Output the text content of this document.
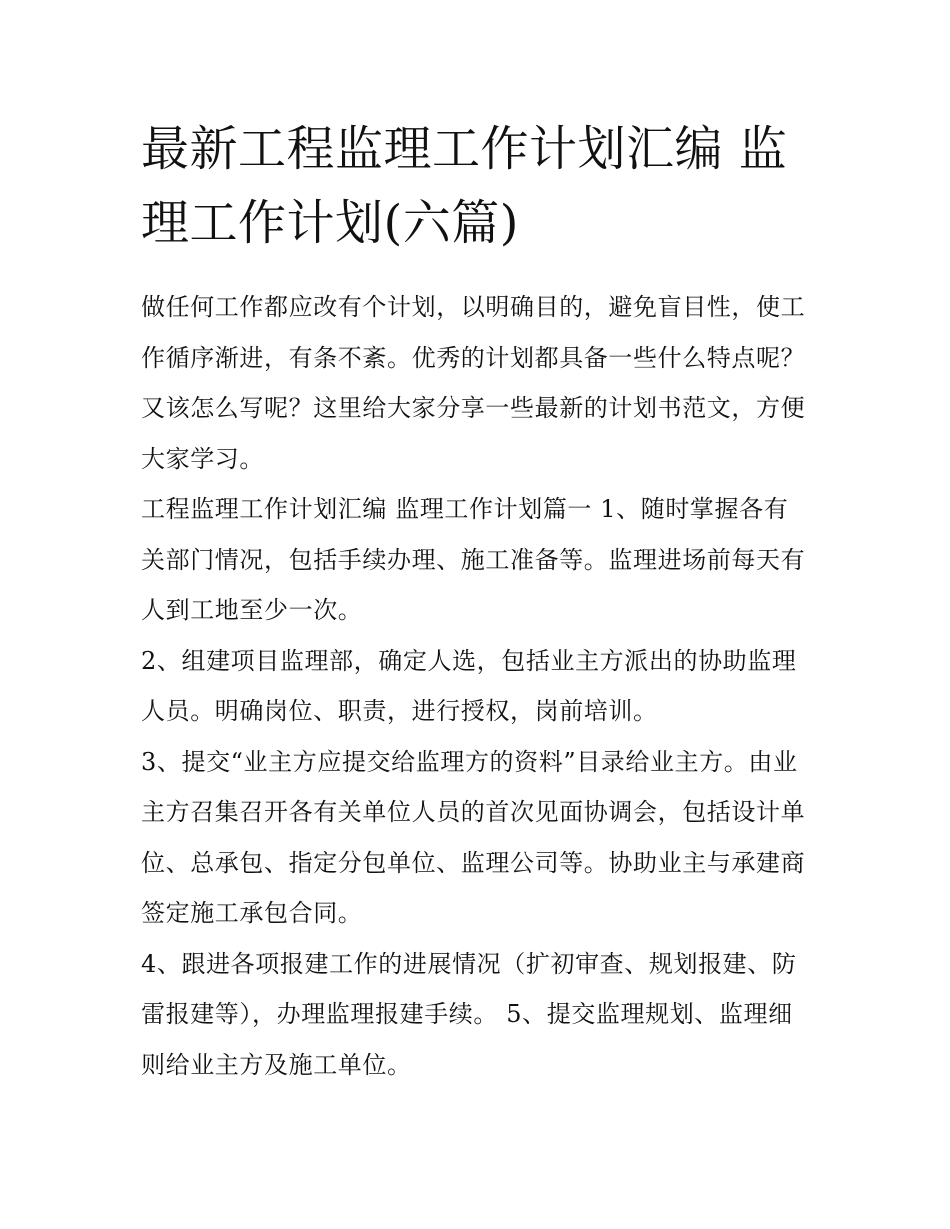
最新工程监理工作计划汇编 监理工作计划(六篇)

做任何工作都应改有个计划，以明确目的，避免盲目性，使工作循序渐进，有条不紊。优秀的计划都具备一些什么特点呢？又该怎么写呢？这里给大家分享一些最新的计划书范文，方便大家学习。

工程监理工作计划汇编 监理工作计划篇一 1、随时掌握各有关部门情况，包括手续办理、施工准备等。监理进场前每天有人到工地至少一次。

2、组建项目监理部，确定人选，包括业主方派出的协助监理人员。明确岗位、职责，进行授权，岗前培训。

3、提交“业主方应提交给监理方的资料”目录给业主方。由业主方召集召开各有关单位人员的首次见面协调会，包括设计单位、总承包、指定分包单位、监理公司等。协助业主与承建商签定施工承包合同。

4、跟进各项报建工作的进展情况（扩初审查、规划报建、防雷报建等），办理监理报建手续。 5、提交监理规划、监理细则给业主方及施工单位。
